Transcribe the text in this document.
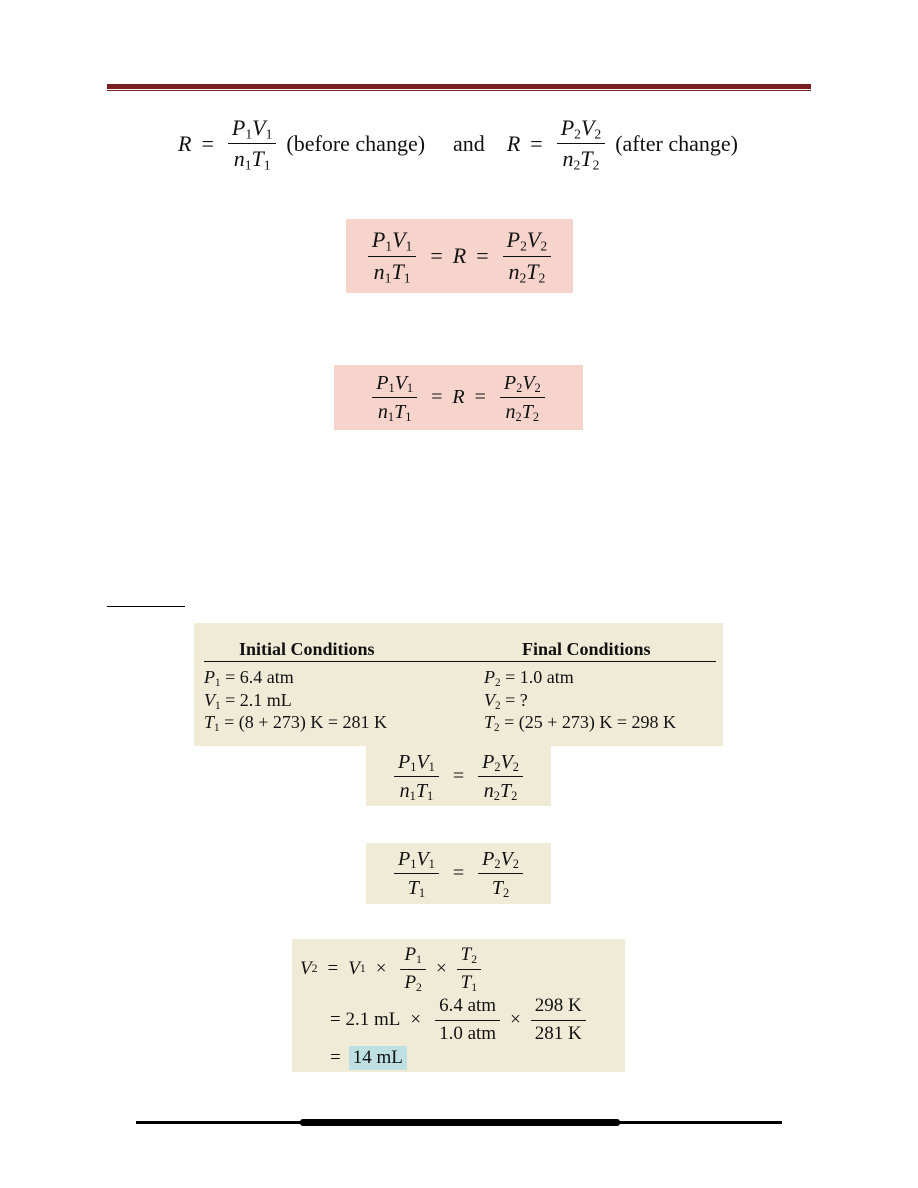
$R = \frac{P_1V_1}{n_1T_1}$ (before change) and $R = \frac{P_2V_2}{n_2T_2}$ (after change)
$\frac{P_1V_1}{n_1T_1} = R = \frac{P_2V_2}{n_2T_2}$
$\frac{P_1V_1}{n_1T_1} = R = \frac{P_2V_2}{n_2T_2}$
Initial Conditions	Final Conditions
$P_1 = 6.4$ atm
$V_1 = 2.1$ mL
$T_1 = (8 + 273) K = 281$ K
$P_2 = 1.0$ atm
$V_2$ = ?
$T_2 = (25 + 273) K = 298$ K
$\frac{P_1V_1}{n_1T_1} = \frac{P_2V_2}{n_2T_2}$
$\frac{P_1V_1}{T_1} = \frac{P_2V_2}{T_2}$
V 2 = V $1 \times \frac{P_1}{P_2} \times \frac{T_2}{T_1}$
= 2.1 mL × $\frac{\text{6.4 atm}}{\text{1.0 atm}} \times \frac{298 K}{281 K}$
= 14 mL
